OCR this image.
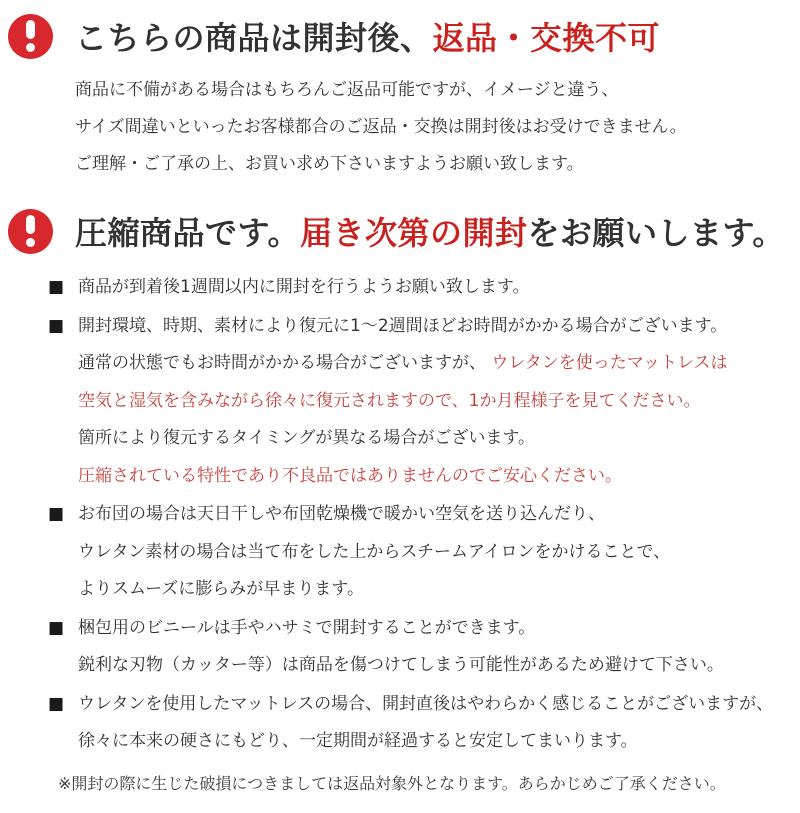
こちらの商品は開封後、返品・交換不可
商品に不備がある場合はもちろんご返品可能ですが、イメージと違う、
サイズ間違いといったお客様都合のご返品・交換は開封後はお受けできません。
ご理解・ご了承の上、お買い求め下さいますようお願い致します。
圧縮商品です。届き次第の開封をお願いします。
■ 商品が到着後1週間以内に開封を行うようお願い致します。
■ 開封環境、時期、素材により復元に1～2週間ほどお時間がかかる場合がございます。
通常の状態でもお時間がかかる場合がございますが、 ウレタンを使ったマットレスは
空気と湿気を含みながら徐々に復元されますので、1か月程様子を見てください。
箇所により復元するタイミングが異なる場合がございます。
圧縮されている特性であり不良品ではありませんのでご安心ください。
■ お布団の場合は天日干しや布団乾燥機で暖かい空気を送り込んだり、
ウレタン素材の場合は当て布をした上からスチームアイロンをかけることで、
よりスムーズに膨らみが早まります。
■ 梱包用のビニールは手やハサミで開封することができます。
鋭利な刃物（カッター等）は商品を傷つけてしまう可能性があるため避けて下さい。
■ ウレタンを使用したマットレスの場合、開封直後はやわらかく感じることがございますが、
徐々に本来の硬さにもどり、一定期間が経過すると安定してまいります。
※開封の際に生じた破損につきましては返品対象外となります。あらかじめご了承ください。
